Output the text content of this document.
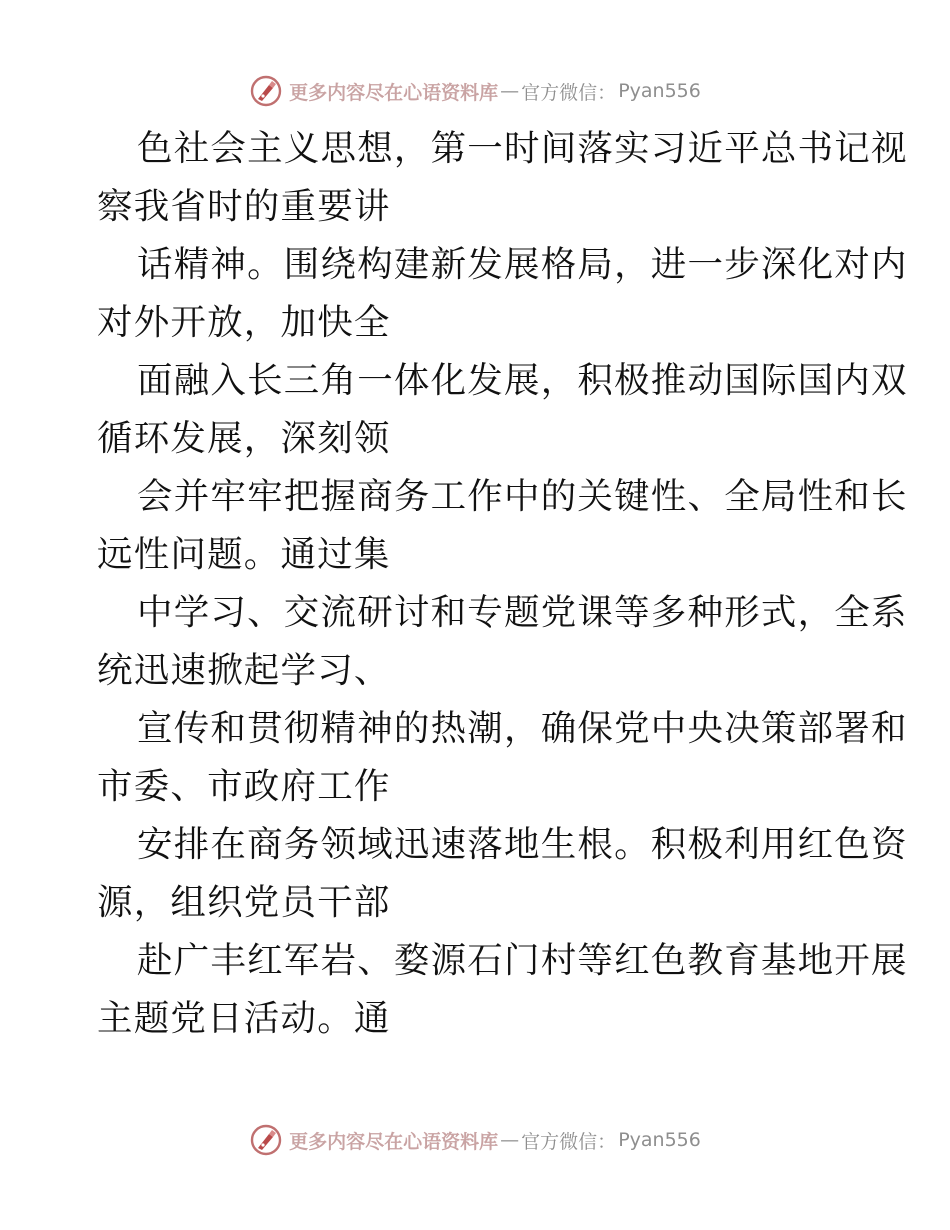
更多内容尽在心语资料库 — 官方微信： Pyan556
色社会主义思想，第一时间落实习近平总书记视
察我省时的重要讲
话精神。围绕构建新发展格局，进一步深化对内
对外开放，加快全
面融入长三角一体化发展，积极推动国际国内双
循环发展，深刻领
会并牢牢把握商务工作中的关键性、全局性和长
远性问题。通过集
中学习、交流研讨和专题党课等多种形式，全系
统迅速掀起学习、
宣传和贯彻精神的热潮，确保党中央决策部署和
市委、市政府工作
安排在商务领域迅速落地生根。积极利用红色资
源，组织党员干部
赴广丰红军岩、婺源石门村等红色教育基地开展
主题党日活动。通
更多内容尽在心语资料库 — 官方微信： Pyan556
